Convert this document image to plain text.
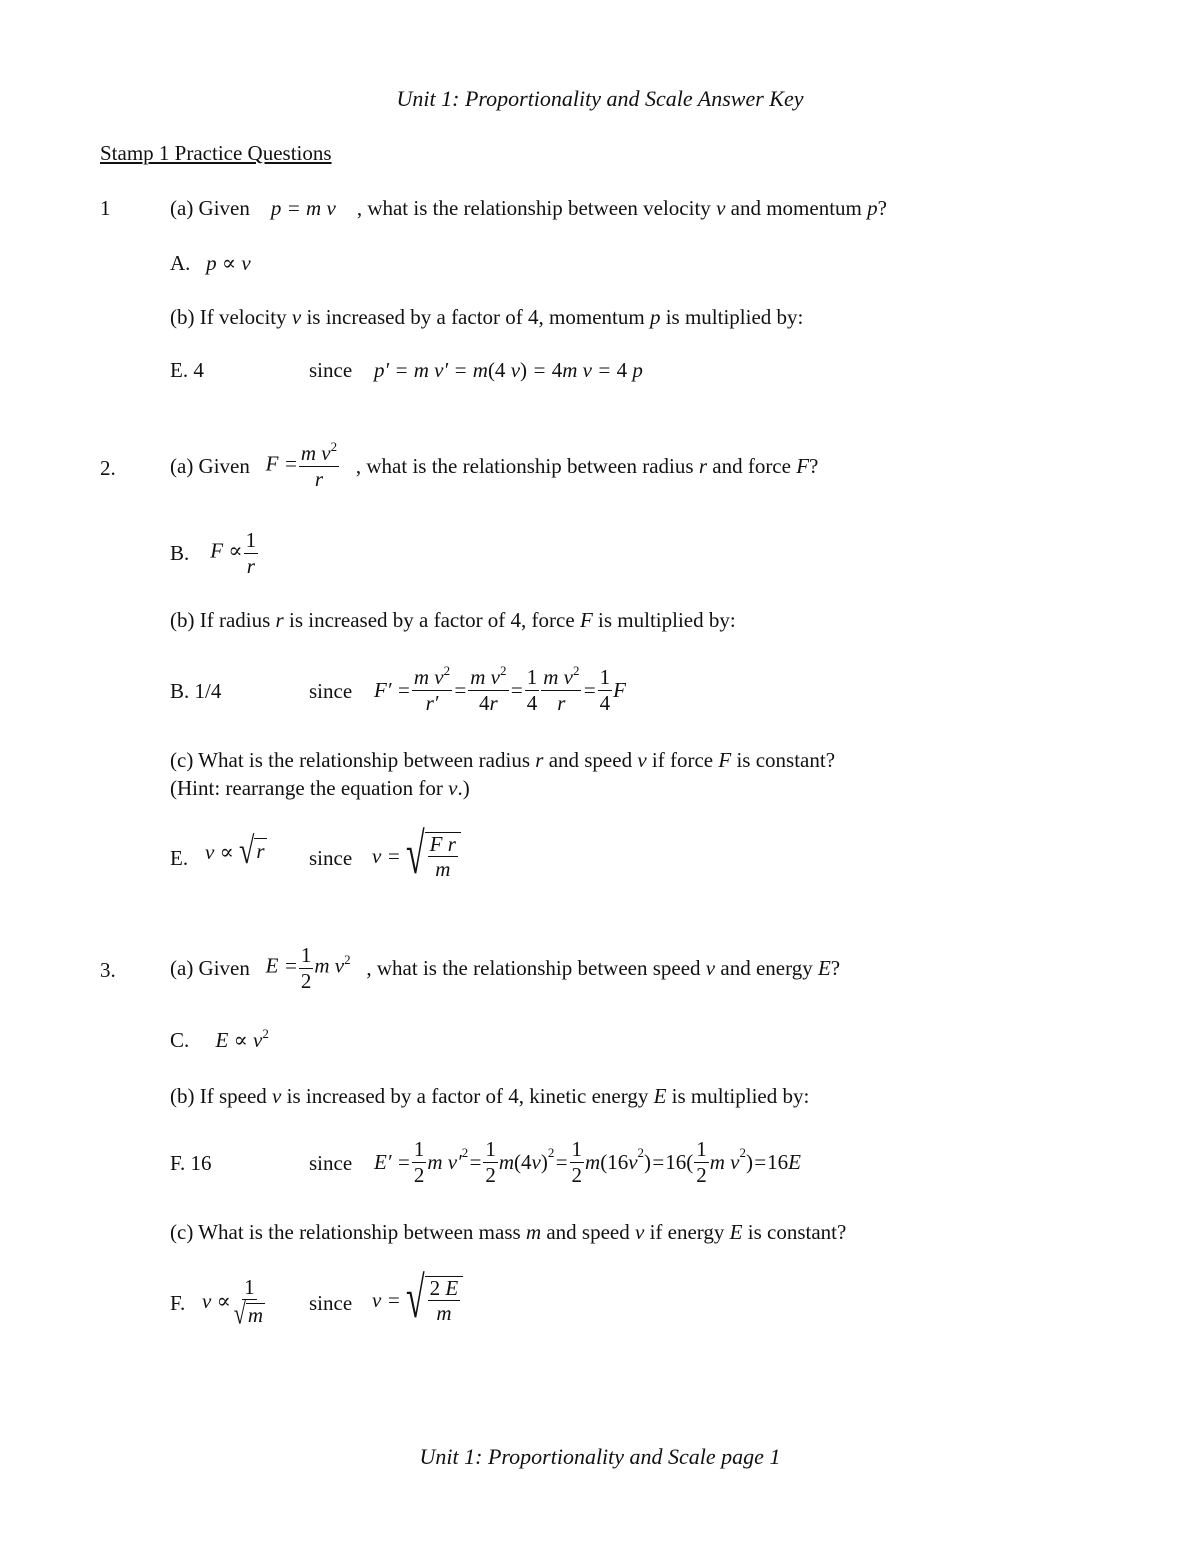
Unit 1: Proportionality and Scale Answer Key
Stamp 1 Practice Questions
1	(a) Given p = m v , what is the relationship between velocity v and momentum p?
A. p ∝ v
(b) If velocity v is increased by a factor of 4, momentum p is multiplied by:
E. 4	since p′ = m v′ = m(4 v) = 4m v = 4 p
2.	(a) Given
$F = \frac{m v^2}{r}$
, what is the relationship between radius
r
and force
F ?
B.
$F \propto \frac{1}{r}$
(b) If radius r is increased by a factor of 4, force F is multiplied by:
B. 1/4	since $F' = \frac{m v^2}{r'} = \frac{m v^2}{4r} = \frac{1}{4} \frac{m v^2}{r} = \frac{1}{4}$ F
(c) What is the relationship between radius r and speed v if force F is constant?
(Hint: rearrange the equation for v.)
E. v ∝ √ r since v = √ $\frac{\text{F r}}{m}$
3.	(a) Given
$E = \frac{1}{2}$ m $v^2$
, what is the relationship between speed
v
and energy
E ?
C. $E \propto v^2$
(b) If speed v is increased by a factor of 4, kinetic energy E is multiplied by:
F. 16	since $E' = \frac{1}{2}$ m v′ $2 = \frac{1}{2}$ m (4 v ) $2 = \frac{1}{2}$ m (16 v 2 ) = $16( \frac{1}{2}$ m v 2 ) = 16 E
(c) What is the relationship between mass m and speed v if energy E is constant?
F. $v \propto \frac{1}{√ m}$ since v = √ $\frac{2 E}{m}$
Unit 1: Proportionality and Scale page 1
